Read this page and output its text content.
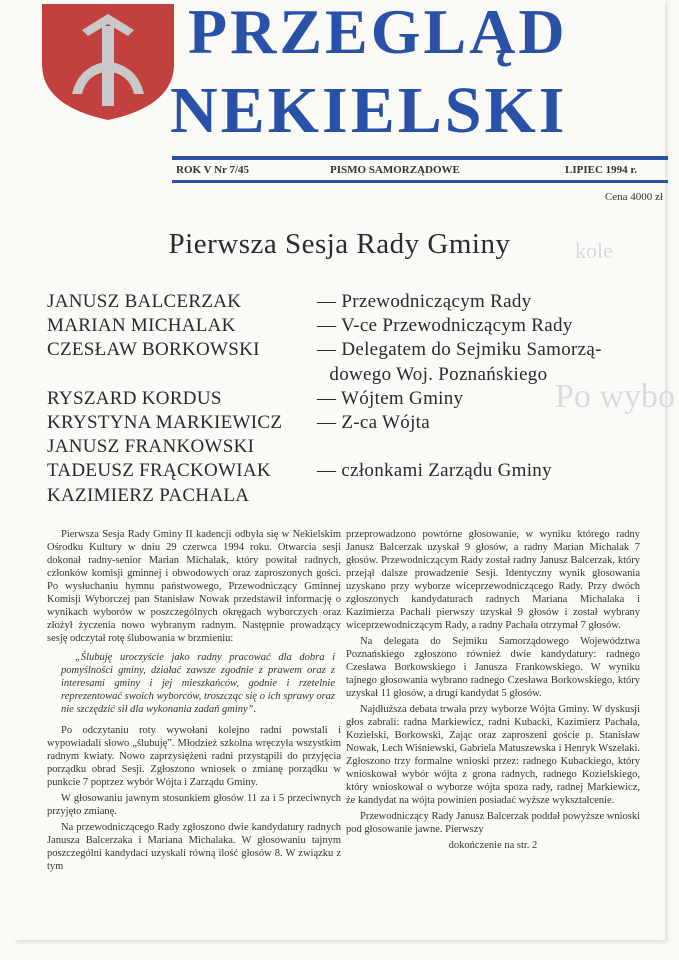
kole
Po wybo
PRZEGLĄD
NEKIELSKI
ROK V Nr 7/45	PISMO SAMORZĄDOWE	LIPIEC 1994 r.
Cena 4000 zł
Pierwsza Sesja Rady Gminy
JANUSZ BALCERZAK	— Przewodniczącym Rady
MARIAN MICHALAK	— V-ce Przewodniczącym Rady
CZESŁAW BORKOWSKI	— Delegatem do Sejmiku Samorzą-
dowego Woj. Poznańskiego
RYSZARD KORDUS	— Wójtem Gminy
KRYSTYNA MARKIEWICZ	— Z-ca Wójta
JANUSZ FRANKOWSKI
TADEUSZ FRĄCKOWIAK	— członkami Zarządu Gminy
KAZIMIERZ PACHALA

Pierwsza Sesja Rady Gminy II kadencji odbyła się w Nekielskim Ośrodku Kultury w dniu 29 czerwca 1994 roku. Otwarcia sesji dokonał radny-senior Marian Michalak, który powitał radnych, członków komisji gminnej i obwodowych oraz zaproszonych gości. Po wysłuchaniu hymnu państwowego, Przewodniczący Gminnej Komisji Wyborczej pan Stanisław Nowak przedstawił informację o wynikach wyborów w poszczególnych okręgach wyborczych oraz złożył życzenia nowo wybranym radnym. Następnie prowadzący sesję odczytał rotę ślubowania w brzmieniu:

„Ślubuję uroczyście jako radny pracować dla dobra i pomyślności gminy, działać zawsze zgodnie z prawem oraz z interesami gminy i jej mieszkańców, godnie i rzetelnie reprezentować swoich wyborców, troszcząc się o ich sprawy oraz nie szczędzić sił dla wykonania zadań gminy”.

Po odczytaniu roty wywołani kolejno radni powstali i wypowiadali słowo „ślubuję”. Młodzież szkolna wręczyła wszystkim radnym kwiaty. Nowo zaprzysiężeni radni przystąpili do przyjęcia porządku obrad Sesji. Zgłoszono wniosek o zmianę porządku w punkcie 7 poprzez wybór Wójta i Zarządu Gminy.

W głosowaniu jawnym stosunkiem głosów 11 za i 5 przeciwnych przyjęto zmianę.

Na przewodniczącego Rady zgłoszono dwie kandydatury radnych Janusza Balcerzaka i Mariana Michalaka. W głosowaniu tajnym poszczególni kandydaci uzyskali równą ilość głosów 8. W związku z tym

przeprowadzono powtórne głosowanie, w wyniku którego radny Janusz Balcerzak uzyskał 9 głosów, a radny Marian Michalak 7 głosów. Przewodniczącym Rady został radny Janusz Balcerzak, który przejął dalsze prowadzenie Sesji. Identyczny wynik głosowania uzyskano przy wyborze wiceprzewodniczącego Rady. Przy dwóch zgłoszonych kandydaturach radnych Mariana Michalaka i Kazimierza Pachali pierwszy uzyskał 9 głosów i został wybrany wiceprzewodniczącym Rady, a radny Pachała otrzymał 7 głosów.

Na delegata do Sejmiku Samorządowego Województwa Poznańskiego zgłoszono również dwie kandydatury: radnego Czesława Borkowskiego i Janusza Frankowskiego. W wyniku tajnego głosowania wybrano radnego Czesława Borkowskiego, który uzyskał 11 głosów, a drugi kandydat 5 głosów.

Najdłuższa debata trwała przy wyborze Wójta Gminy. W dyskusji głos zabrali: radna Markiewicz, radni Kubacki, Kazimierz Pachała, Kozielski, Borkowski, Zając oraz zaproszeni goście p. Stanisław Nowak, Lech Wiśniewski, Gabriela Matuszewska i Henryk Wszelaki. Zgłoszono trzy formalne wnioski przez: radnego Kubackiego, który wnioskował wybór wójta z grona radnych, radnego Kozielskiego, który wnioskował o wyborze wójta spoza rady, radnej Markiewicz, że kandydat na wójta powinien posiadać wyższe wykształcenie.

Przewodniczący Rady Janusz Balcerzak poddał powyższe wnioski pod głosowanie jawne. Pierwszy

dokończenie na str. 2
